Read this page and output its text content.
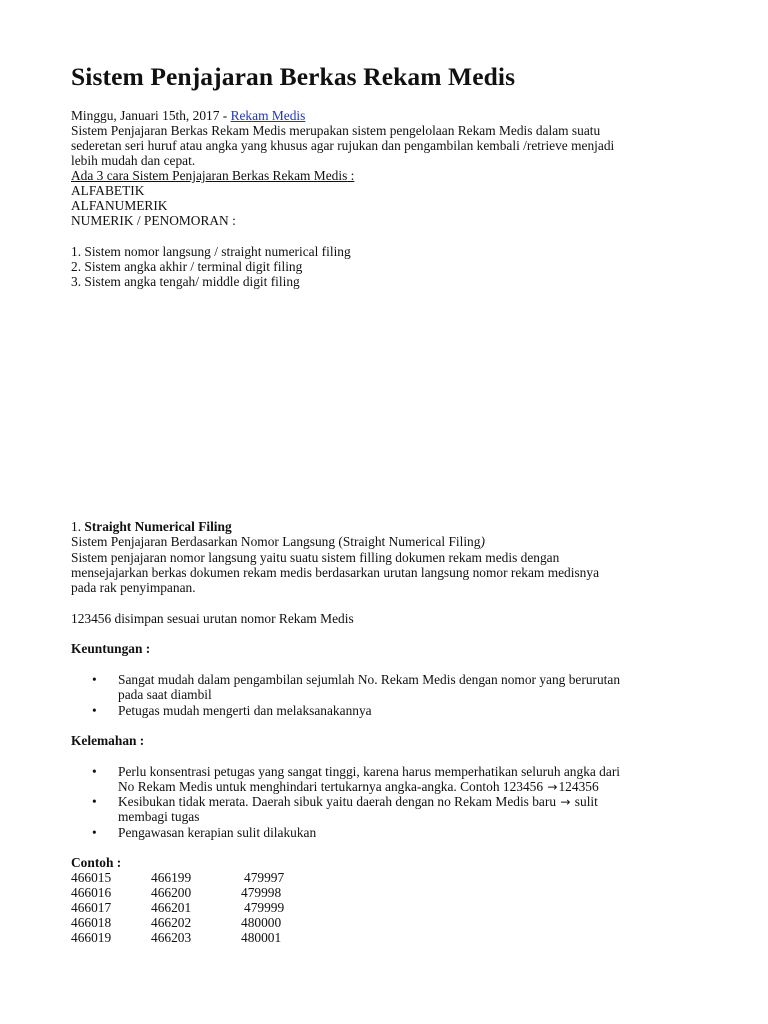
Sistem Penjajaran Berkas Rekam Medis

Minggu, Januari 15th, 2017 - Rekam Medis

Sistem Penjajaran Berkas Rekam Medis merupakan sistem pengelolaan Rekam Medis dalam suatu

sederetan seri huruf atau angka yang khusus agar rujukan dan pengambilan kembali /retrieve menjadi

lebih mudah dan cepat.

Ada 3 cara Sistem Penjajaran Berkas Rekam Medis :

ALFABETIK

ALFANUMERIK

NUMERIK / PENOMORAN :

1. Sistem nomor langsung / straight numerical filing

2. Sistem angka akhir / terminal digit filing

3. Sistem angka tengah/ middle digit filing

1. Straight Numerical Filing

Sistem Penjajaran Berdasarkan Nomor Langsung (Straight Numerical Filing)

Sistem penjajaran nomor langsung yaitu suatu sistem filling dokumen rekam medis dengan

mensejajarkan berkas dokumen rekam medis berdasarkan urutan langsung nomor rekam medisnya

pada rak penyimpanan.

123456 disimpan sesuai urutan nomor Rekam Medis

Keuntungan :

• Sangat mudah dalam pengambilan sejumlah No. Rekam Medis dengan nomor yang berurutan

pada saat diambil

• Petugas mudah mengerti dan melaksanakannya

Kelemahan :

• Perlu konsentrasi petugas yang sangat tinggi, karena harus memperhatikan seluruh angka dari

No Rekam Medis untuk menghindari tertukarnya angka-angka. Contoh 123456 →124356

• Kesibukan tidak merata. Daerah sibuk yaitu daerah dengan no Rekam Medis baru → sulit

membagi tugas

• Pengawasan kerapian sulit dilakukan

Contoh :

466015	466199	479997

466016	466200	479998

466017	466201	479999

466018	466202	480000

466019	466203	480001
